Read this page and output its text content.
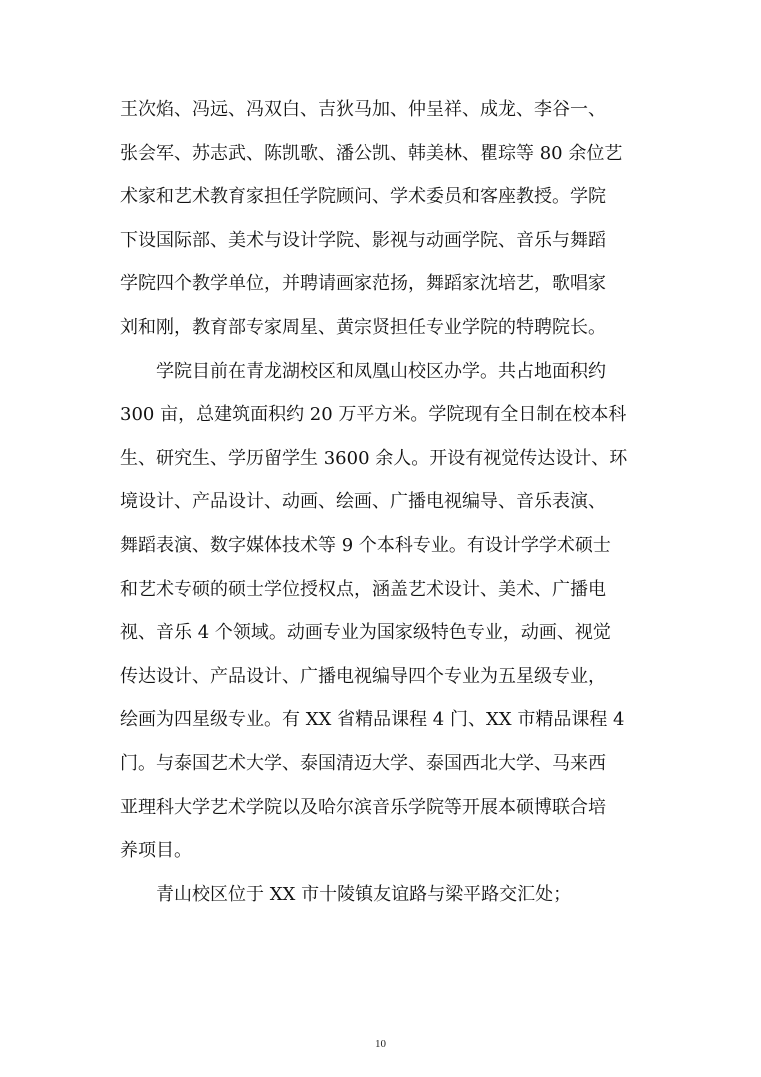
王次焰、冯远、冯双白、吉狄马加、仲呈祥、成龙、李谷一、
张会军、苏志武、陈凯歌、潘公凯、韩美林、瞿琮等 80 余位艺
术家和艺术教育家担任学院顾问、学术委员和客座教授。学院
下设国际部、美术与设计学院、影视与动画学院、音乐与舞蹈
学院四个教学单位，并聘请画家范扬，舞蹈家沈培艺，歌唱家
刘和刚，教育部专家周星、黄宗贤担任专业学院的特聘院长。
学院目前在青龙湖校区和凤凰山校区办学。共占地面积约
300 亩，总建筑面积约 20 万平方米。学院现有全日制在校本科
生、研究生、学历留学生 3600 余人。开设有视觉传达设计、环
境设计、产品设计、动画、绘画、广播电视编导、音乐表演、
舞蹈表演、数字媒体技术等 9 个本科专业。有设计学学术硕士
和艺术专硕的硕士学位授权点，涵盖艺术设计、美术、广播电
视、音乐 4 个领域。动画专业为国家级特色专业，动画、视觉
传达设计、产品设计、广播电视编导四个专业为五星级专业，
绘画为四星级专业。有 XX 省精品课程 4 门、XX 市精品课程 4
门。与泰国艺术大学、泰国清迈大学、泰国西北大学、马来西
亚理科大学艺术学院以及哈尔滨音乐学院等开展本硕博联合培
养项目。
青山校区位于 XX 市十陵镇友谊路与梁平路交汇处；
10
